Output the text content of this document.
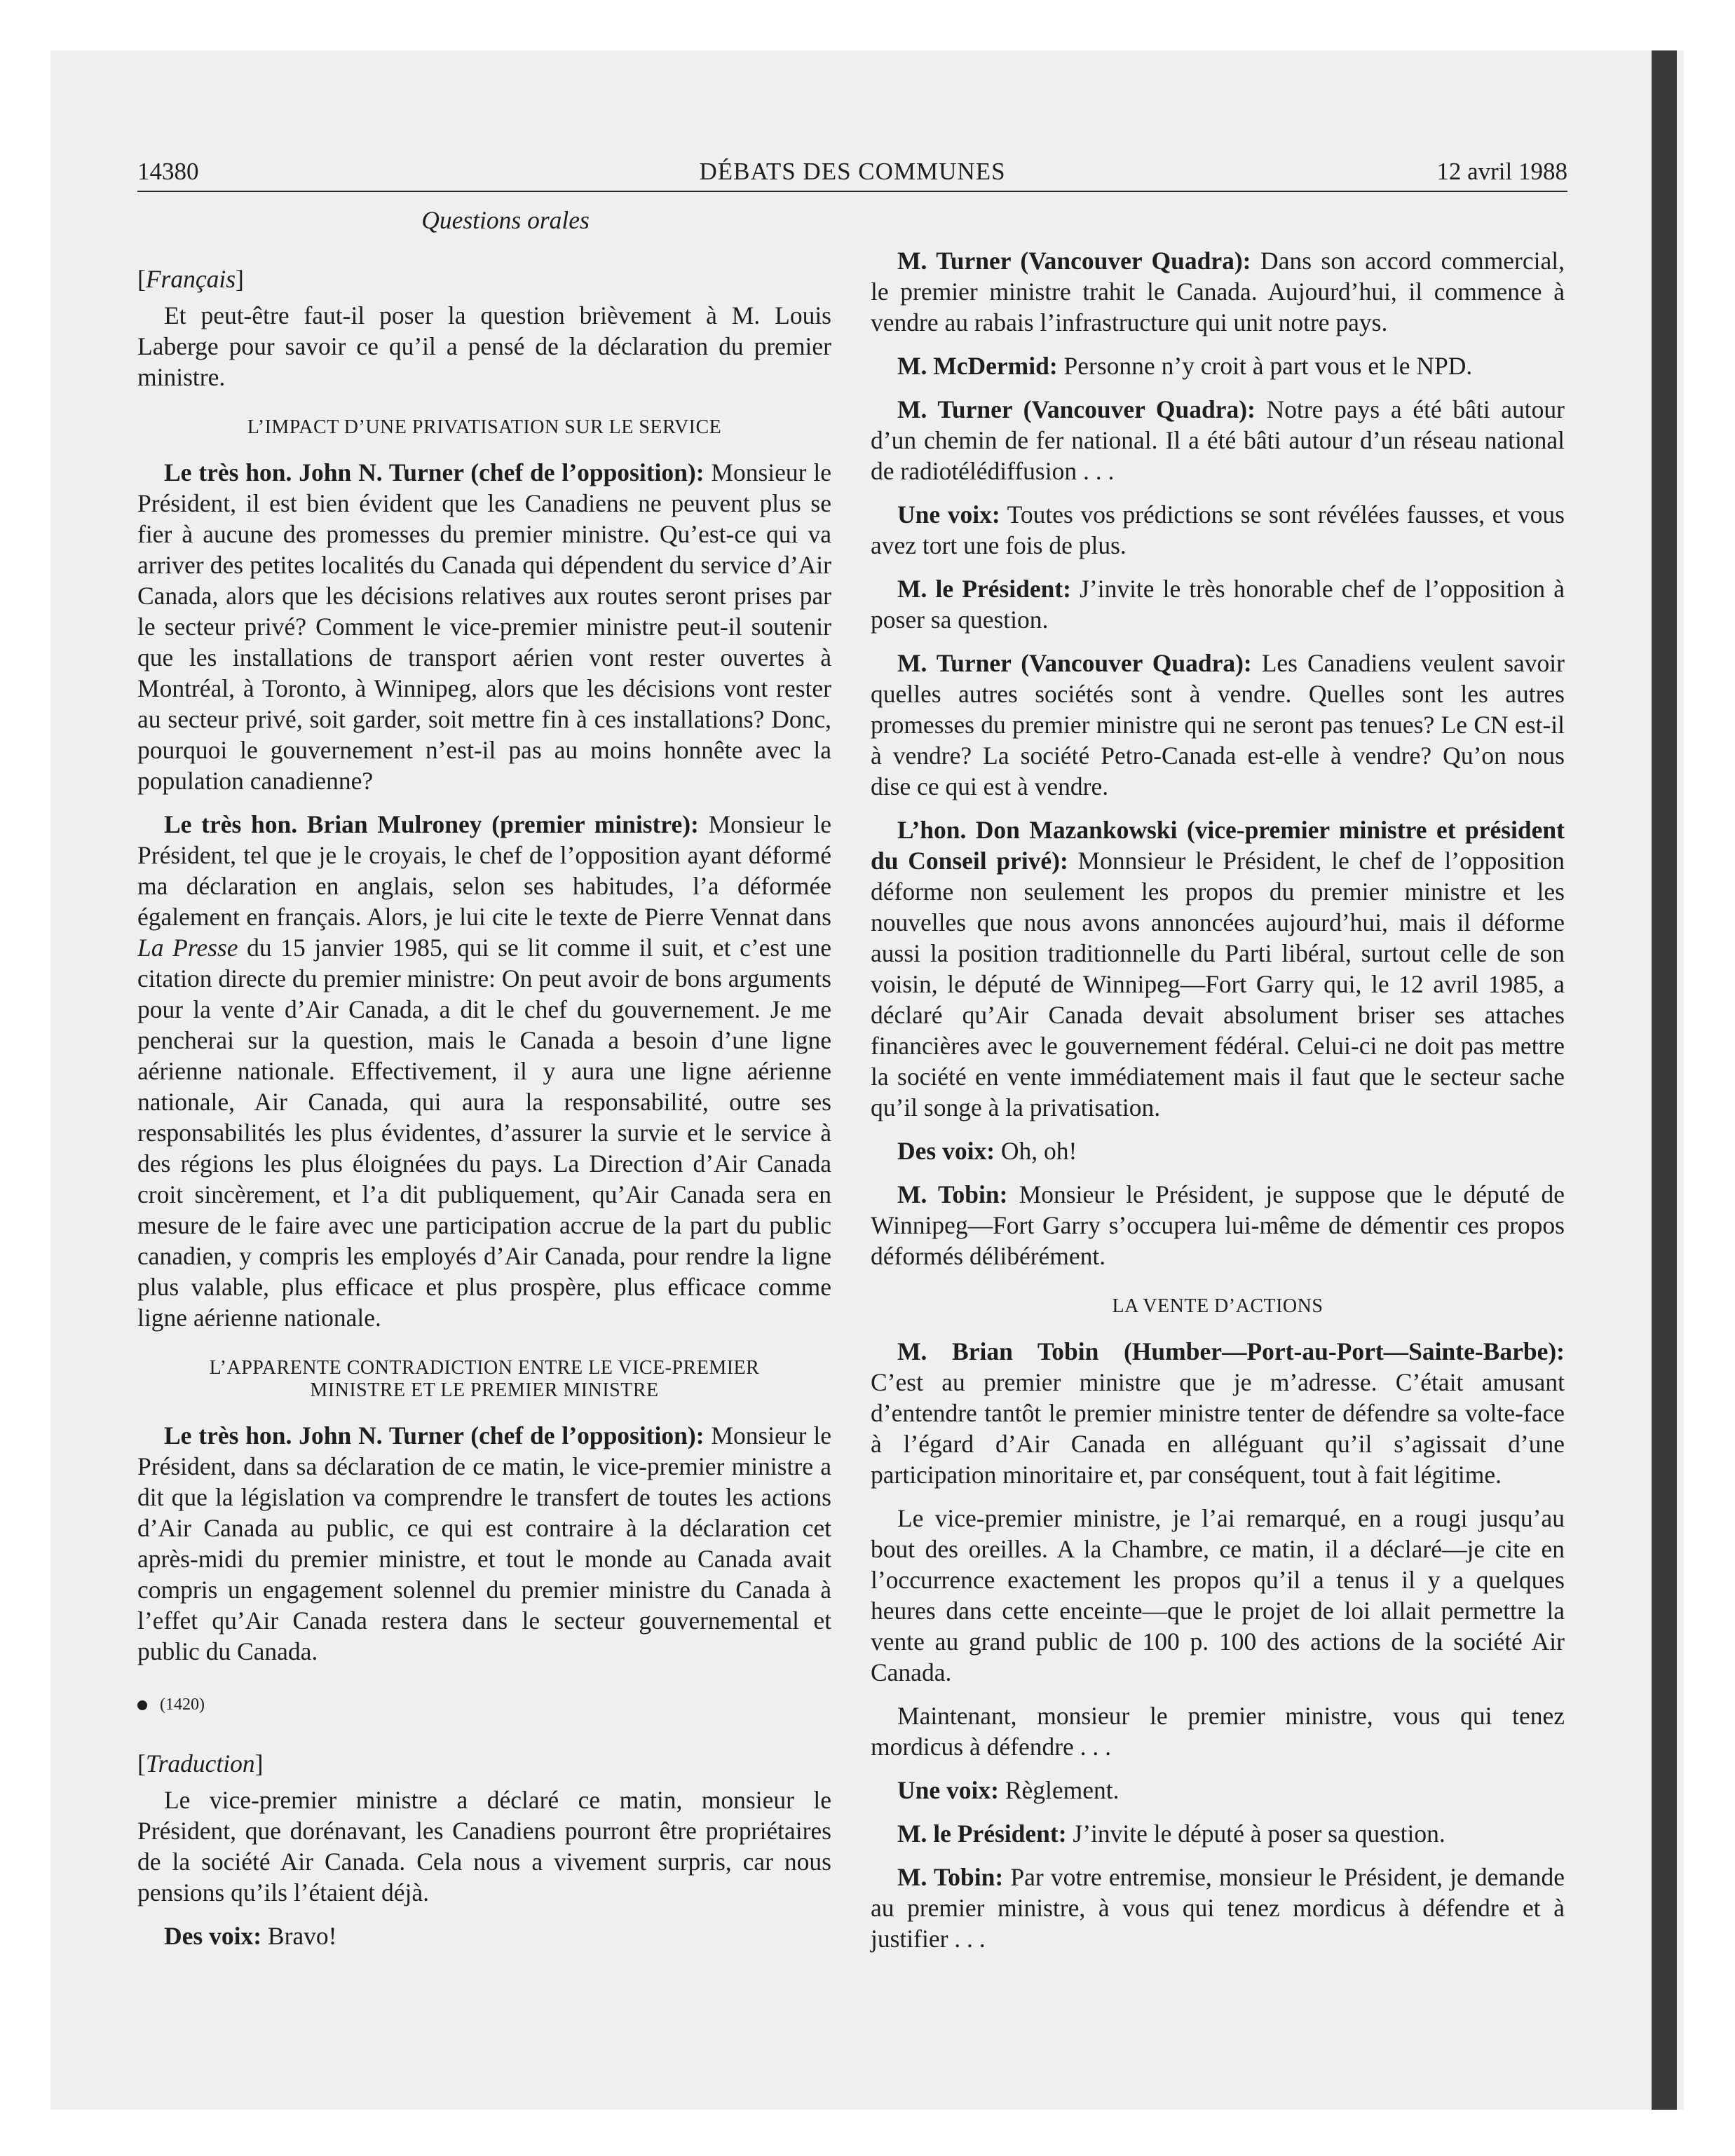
14380	DÉBATS DES COMMUNES	12 avril 1988
Questions orales
[Français]

Et peut-être faut-il poser la question brièvement à M. Louis Laberge pour savoir ce qu’il a pensé de la déclaration du premier ministre.

L’IMPACT D’UNE PRIVATISATION SUR LE SERVICE

Le très hon. John N. Turner (chef de l’opposition): Monsieur le Président, il est bien évident que les Canadiens ne peuvent plus se fier à aucune des promesses du premier ministre. Qu’est-ce qui va arriver des petites localités du Canada qui dépendent du service d’Air Canada, alors que les décisions relatives aux routes seront prises par le secteur privé? Comment le vice-premier ministre peut-il soutenir que les installations de transport aérien vont rester ouvertes à Montréal, à Toronto, à Winnipeg, alors que les décisions vont rester au secteur privé, soit garder, soit mettre fin à ces installations? Donc, pourquoi le gouvernement n’est-il pas au moins honnête avec la population canadienne?

Le très hon. Brian Mulroney (premier ministre): Monsieur le Président, tel que je le croyais, le chef de l’opposition ayant déformé ma déclaration en anglais, selon ses habitudes, l’a déformée également en français. Alors, je lui cite le texte de Pierre Vennat dans La Presse du 15 janvier 1985, qui se lit comme il suit, et c’est une citation directe du premier ministre: On peut avoir de bons arguments pour la vente d’Air Canada, a dit le chef du gouvernement. Je me pencherai sur la question, mais le Canada a besoin d’une ligne aérienne nationale. Effectivement, il y aura une ligne aérienne nationale, Air Canada, qui aura la responsabilité, outre ses responsabilités les plus évidentes, d’assurer la survie et le service à des régions les plus éloignées du pays. La Direction d’Air Canada croit sincèrement, et l’a dit publiquement, qu’Air Canada sera en mesure de le faire avec une participation accrue de la part du public canadien, y compris les employés d’Air Canada, pour rendre la ligne plus valable, plus efficace et plus prospère, plus efficace comme ligne aérienne nationale.

L’APPARENTE CONTRADICTION ENTRE LE VICE-PREMIER MINISTRE ET LE PREMIER MINISTRE

Le très hon. John N. Turner (chef de l’opposition): Monsieur le Président, dans sa déclaration de ce matin, le vice-premier ministre a dit que la législation va comprendre le transfert de toutes les actions d’Air Canada au public, ce qui est contraire à la déclaration cet après-midi du premier ministre, et tout le monde au Canada avait compris un engagement solennel du premier ministre du Canada à l’effet qu’Air Canada restera dans le secteur gouvernemental et public du Canada.

(1420)
[Traduction]

Le vice-premier ministre a déclaré ce matin, monsieur le Président, que dorénavant, les Canadiens pourront être propriétaires de la société Air Canada. Cela nous a vivement surpris, car nous pensions qu’ils l’étaient déjà.

Des voix: Bravo!

M. Turner (Vancouver Quadra): Dans son accord commercial, le premier ministre trahit le Canada. Aujourd’hui, il commence à vendre au rabais l’infrastructure qui unit notre pays.

M. McDermid: Personne n’y croit à part vous et le NPD.

M. Turner (Vancouver Quadra): Notre pays a été bâti autour d’un chemin de fer national. Il a été bâti autour d’un réseau national de radiotélédiffusion . . .

Une voix: Toutes vos prédictions se sont révélées fausses, et vous avez tort une fois de plus.

M. le Président: J’invite le très honorable chef de l’opposition à poser sa question.

M. Turner (Vancouver Quadra): Les Canadiens veulent savoir quelles autres sociétés sont à vendre. Quelles sont les autres promesses du premier ministre qui ne seront pas tenues? Le CN est-il à vendre? La société Petro-Canada est-elle à vendre? Qu’on nous dise ce qui est à vendre.

L’hon. Don Mazankowski (vice-premier ministre et président du Conseil privé): Monnsieur le Président, le chef de l’opposition déforme non seulement les propos du premier ministre et les nouvelles que nous avons annoncées aujourd’hui, mais il déforme aussi la position traditionnelle du Parti libéral, surtout celle de son voisin, le député de Winnipeg—Fort Garry qui, le 12 avril 1985, a déclaré qu’Air Canada devait absolument briser ses attaches financières avec le gouvernement fédéral. Celui-ci ne doit pas mettre la société en vente immédiatement mais il faut que le secteur sache qu’il songe à la privatisation.

Des voix: Oh, oh!

M. Tobin: Monsieur le Président, je suppose que le député de Winnipeg—Fort Garry s’occupera lui-même de démentir ces propos déformés délibérément.

LA VENTE D’ACTIONS

M. Brian Tobin (Humber—Port-au-Port—Sainte-Barbe): C’est au premier ministre que je m’adresse. C’était amusant d’entendre tantôt le premier ministre tenter de défendre sa volte-face à l’égard d’Air Canada en alléguant qu’il s’agissait d’une participation minoritaire et, par conséquent, tout à fait légitime.

Le vice-premier ministre, je l’ai remarqué, en a rougi jusqu’au bout des oreilles. A la Chambre, ce matin, il a déclaré—je cite en l’occurrence exactement les propos qu’il a tenus il y a quelques heures dans cette enceinte—que le projet de loi allait permettre la vente au grand public de 100 p. 100 des actions de la société Air Canada.

Maintenant, monsieur le premier ministre, vous qui tenez mordicus à défendre . . .

Une voix: Règlement.

M. le Président: J’invite le député à poser sa question.

M. Tobin: Par votre entremise, monsieur le Président, je demande au premier ministre, à vous qui tenez mordicus à défendre et à justifier . . .
